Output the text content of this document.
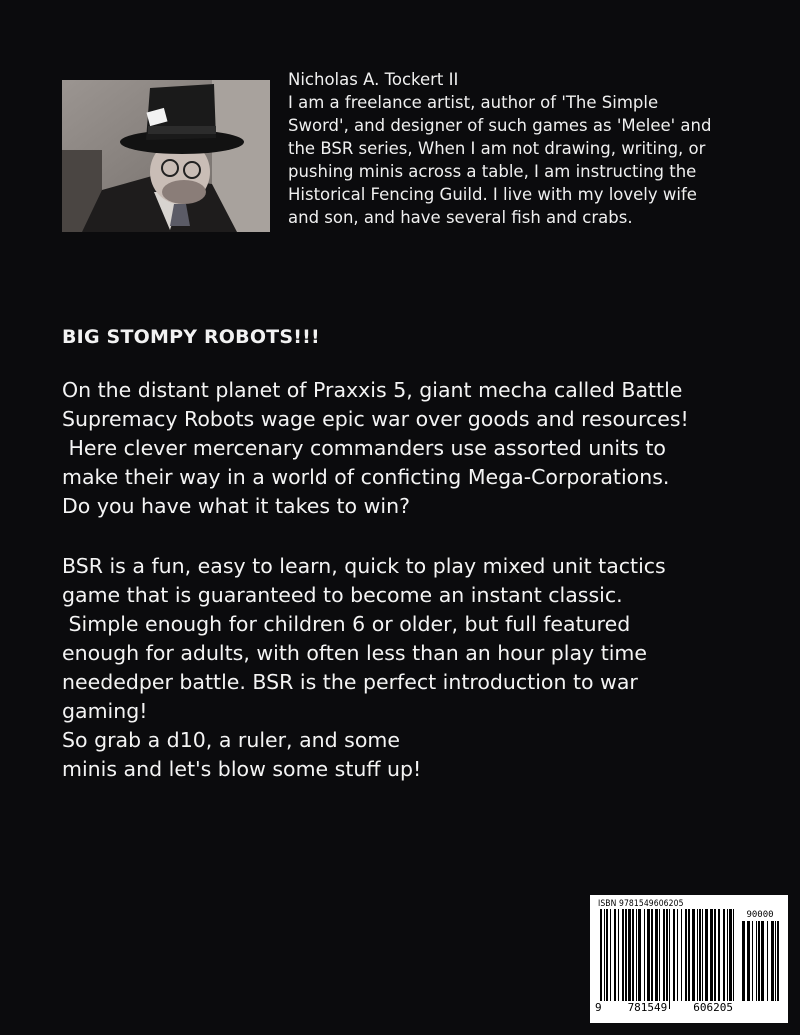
Nicholas A. Tockert II

I am a freelance artist, author of 'The Simple

Sword', and designer of such games as 'Melee' and

the BSR series, When I am not drawing, writing, or

pushing minis across a table, I am instructing the

Historical Fencing Guild. I live with my lovely wife

and son, and have several fish and crabs.

BIG STOMPY ROBOTS!!!

On the distant planet of Praxxis 5, giant mecha called Battle

Supremacy Robots wage epic war over goods and resources!

Here clever mercenary commanders use assorted units to

make their way in a world of conficting Mega-Corporations.

Do you have what it takes to win?

BSR is a fun, easy to learn, quick to play mixed unit tactics

game that is guaranteed to become an instant classic.

Simple enough for children 6 or older, but full featured

enough for adults, with often less than an hour play time

neededper battle. BSR is the perfect introduction to war

gaming!

So grab a d10, a ruler, and some

minis and let's blow some stuff up!

ISBN 9781549606205
90000
9 781549 606205
